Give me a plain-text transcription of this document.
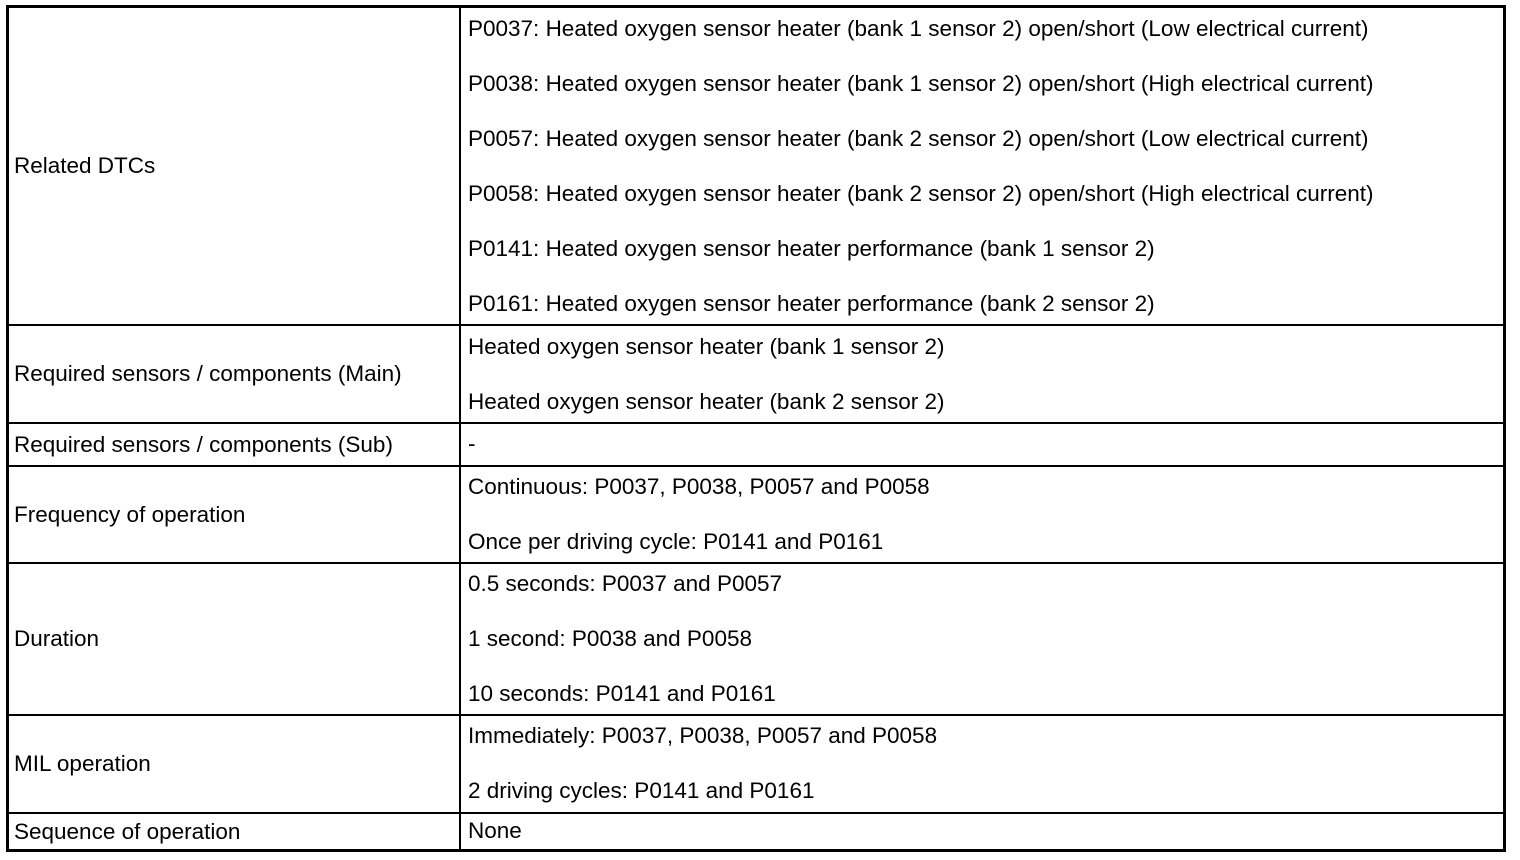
Related DTCs
P0037: Heated oxygen sensor heater (bank 1 sensor 2) open/short (Low electrical current)
P0038: Heated oxygen sensor heater (bank 1 sensor 2) open/short (High electrical current)
P0057: Heated oxygen sensor heater (bank 2 sensor 2) open/short (Low electrical current)
P0058: Heated oxygen sensor heater (bank 2 sensor 2) open/short (High electrical current)
P0141: Heated oxygen sensor heater performance (bank 1 sensor 2)
P0161: Heated oxygen sensor heater performance (bank 2 sensor 2)
Required sensors / components (Main)
Heated oxygen sensor heater (bank 1 sensor 2)
Heated oxygen sensor heater (bank 2 sensor 2)
Required sensors / components (Sub)	-
Frequency of operation
Continuous: P0037, P0038, P0057 and P0058
Once per driving cycle: P0141 and P0161
Duration
0.5 seconds: P0037 and P0057
1 second: P0038 and P0058
10 seconds: P0141 and P0161
MIL operation
Immediately: P0037, P0038, P0057 and P0058
2 driving cycles: P0141 and P0161
Sequence of operation	None
